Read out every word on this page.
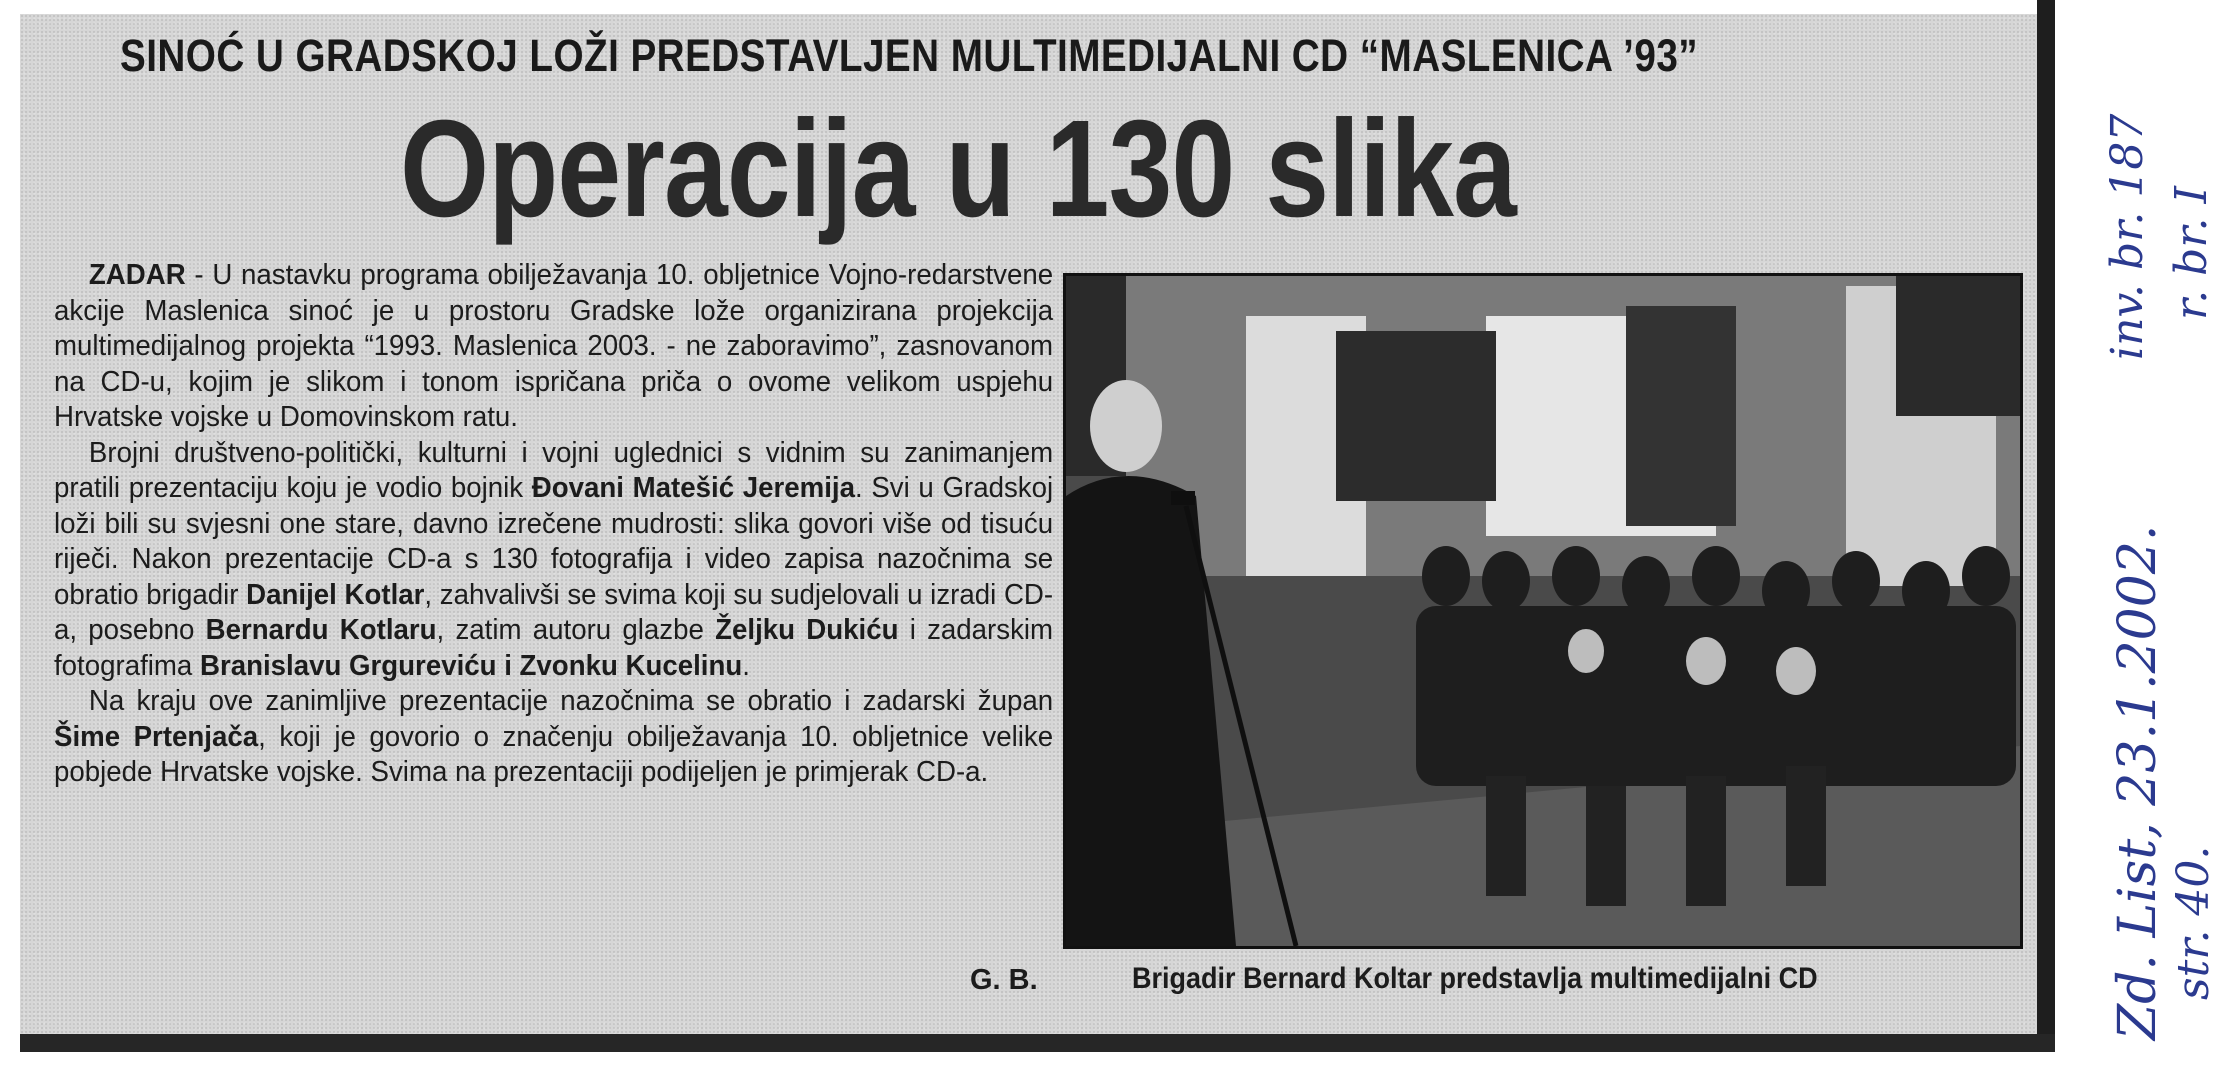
SINOĆ U GRADSKOJ LOŽI PREDSTAVLJEN MULTIMEDIJALNI CD “MASLENICA ’93”
Operacija u 130 slika

ZADAR - U nastavku programa obilježavanja 10. obljetnice Vojno-redarstvene akcije Maslenica sinoć je u prostoru Gradske lože organizirana projekcija multimedijalnog projekta “1993. Maslenica 2003. - ne zaboravimo”, zasnovanom na CD-u, kojim je slikom i tonom ispričana priča o ovome velikom uspjehu Hrvatske vojske u Domovinskom ratu.

Brojni društveno-politički, kulturni i vojni uglednici s vidnim su zanimanjem pratili prezentaciju koju je vodio bojnik Đovani Matešić Jeremija. Svi u Gradskoj loži bili su svjesni one stare, davno izrečene mudrosti: slika govori više od tisuću riječi. Nakon prezentacije CD-a s 130 fotografija i video zapisa nazočnima se obratio brigadir Danijel Kotlar, zahvalivši se svima koji su sudjelovali u izradi CD-a, posebno Bernardu Kotlaru, zatim autoru glazbe Željku Dukiću i zadarskim fotografima Branislavu Grgureviću i Zvonku Kucelinu.

Na kraju ove zanimljive prezentacije nazočnima se obratio i zadarski župan Šime Prtenjača, koji je govorio o značenju obilježavanja 10. obljetnice velike pobjede Hrvatske vojske. Svima na prezentaciji podijeljen je primjerak CD-a.

G. B.	Brigadir Bernard Koltar predstavlja multimedijalni CD	Zd. List, 23.1.2002. str. 40.
inv. br. 187 r. br. I
